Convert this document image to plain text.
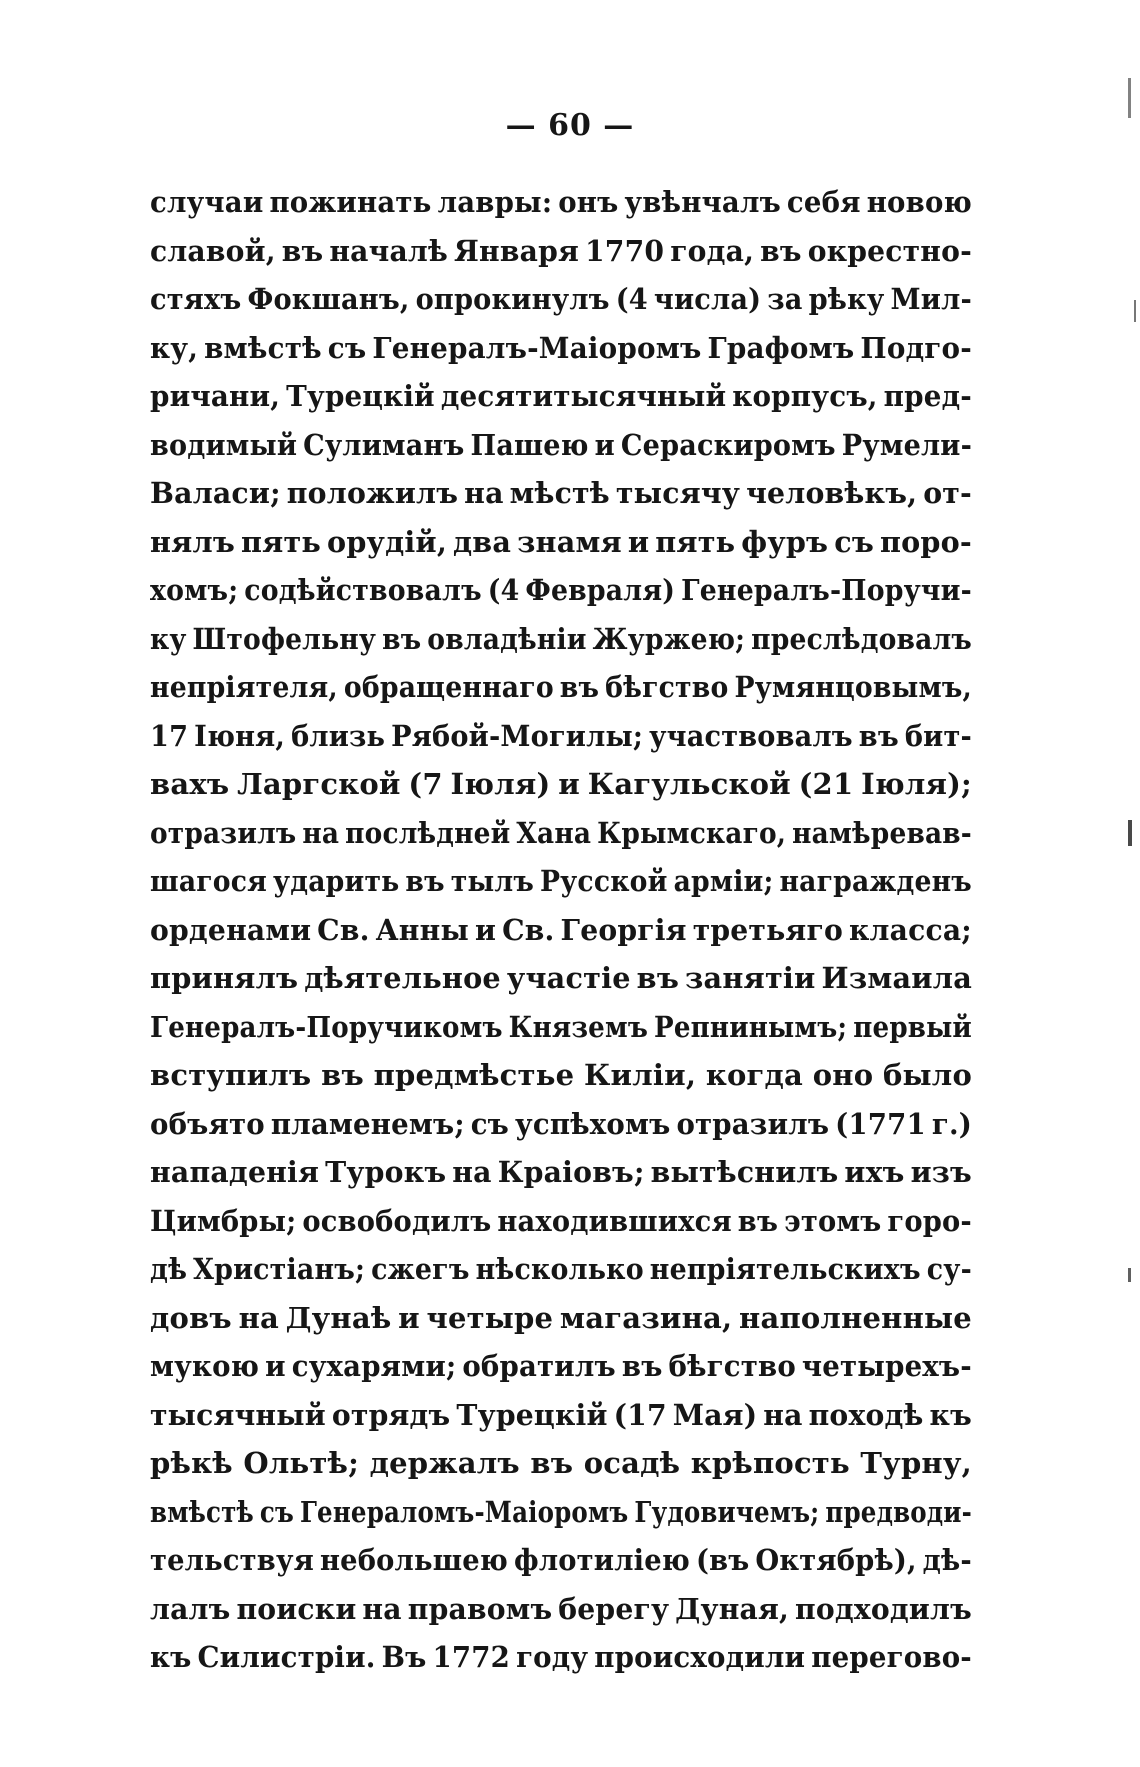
— 60 —
случаи пожинать лавры: онъ увѣнчалъ себя новою
славой, въ началѣ Января 1770 года, въ окрестно-
стяхъ Фокшанъ, опрокинулъ (4 числа) за рѣку Мил-
ку, вмѣстѣ съ Генералъ-Маіоромъ Графомъ Подго-
ричани, Турецкій десятитысячный корпусъ, пред-
водимый Сулиманъ Пашею и Сераскиромъ Румели-
Валаси; положилъ на мѣстѣ тысячу человѣкъ, от-
нялъ пять орудій, два знамя и пять фуръ съ поро-
хомъ; содѣйствовалъ (4 Февраля) Генералъ-Поручи-
ку Штофельну въ овладѣніи Журжею; преслѣдовалъ
непріятеля, обращеннаго въ бѣгство Румянцовымъ,
17 Іюня, близь Рябой-Могилы; участвовалъ въ бит-
вахъ Ларгской (7 Іюля) и Кагульской (21 Іюля);
отразилъ на послѣдней Хана Крымскаго, намѣревав-
шагося ударить въ тылъ Русской арміи; награжденъ
орденами Св. Анны и Св. Георгія третьяго класса;
принялъ дѣятельное участіе въ занятіи Измаила
Генералъ-Поручикомъ Княземъ Репнинымъ; первый
вступилъ въ предмѣстье Киліи, когда оно было
объято пламенемъ; съ успѣхомъ отразилъ (1771 г.)
нападенія Турокъ на Краіовъ; вытѣснилъ ихъ изъ
Цимбры; освободилъ находившихся въ этомъ горо-
дѣ Христіанъ; сжегъ нѣсколько непріятельскихъ су-
довъ на Дунаѣ и четыре магазина, наполненные
мукою и сухарями; обратилъ въ бѣгство четырехъ-
тысячный отрядъ Турецкій (17 Мая) на походѣ къ
рѣкѣ Ольтѣ; держалъ въ осадѣ крѣпость Турну,
вмѣстѣ съ Генераломъ-Маіоромъ Гудовичемъ; предводи-
тельствуя небольшею флотиліею (въ Октябрѣ), дѣ-
лалъ поиски на правомъ берегу Дуная, подходилъ
къ Силистріи. Въ 1772 году происходили перегово-
